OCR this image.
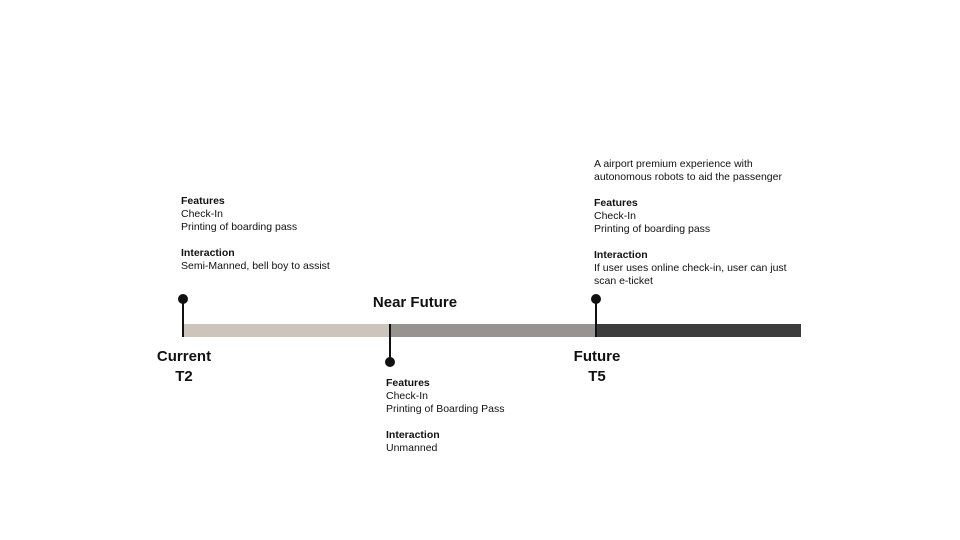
Current
T2
Near Future
Future
T5
Features
Check-In
Printing of boarding pass
Interaction
Semi-Manned, bell boy to assist
Features
Check-In
Printing of Boarding Pass
Interaction
Unmanned
A airport premium experience with
autonomous robots to aid the passenger
Features
Check-In
Printing of boarding pass
Interaction
If user uses online check-in, user can just
scan e-ticket
